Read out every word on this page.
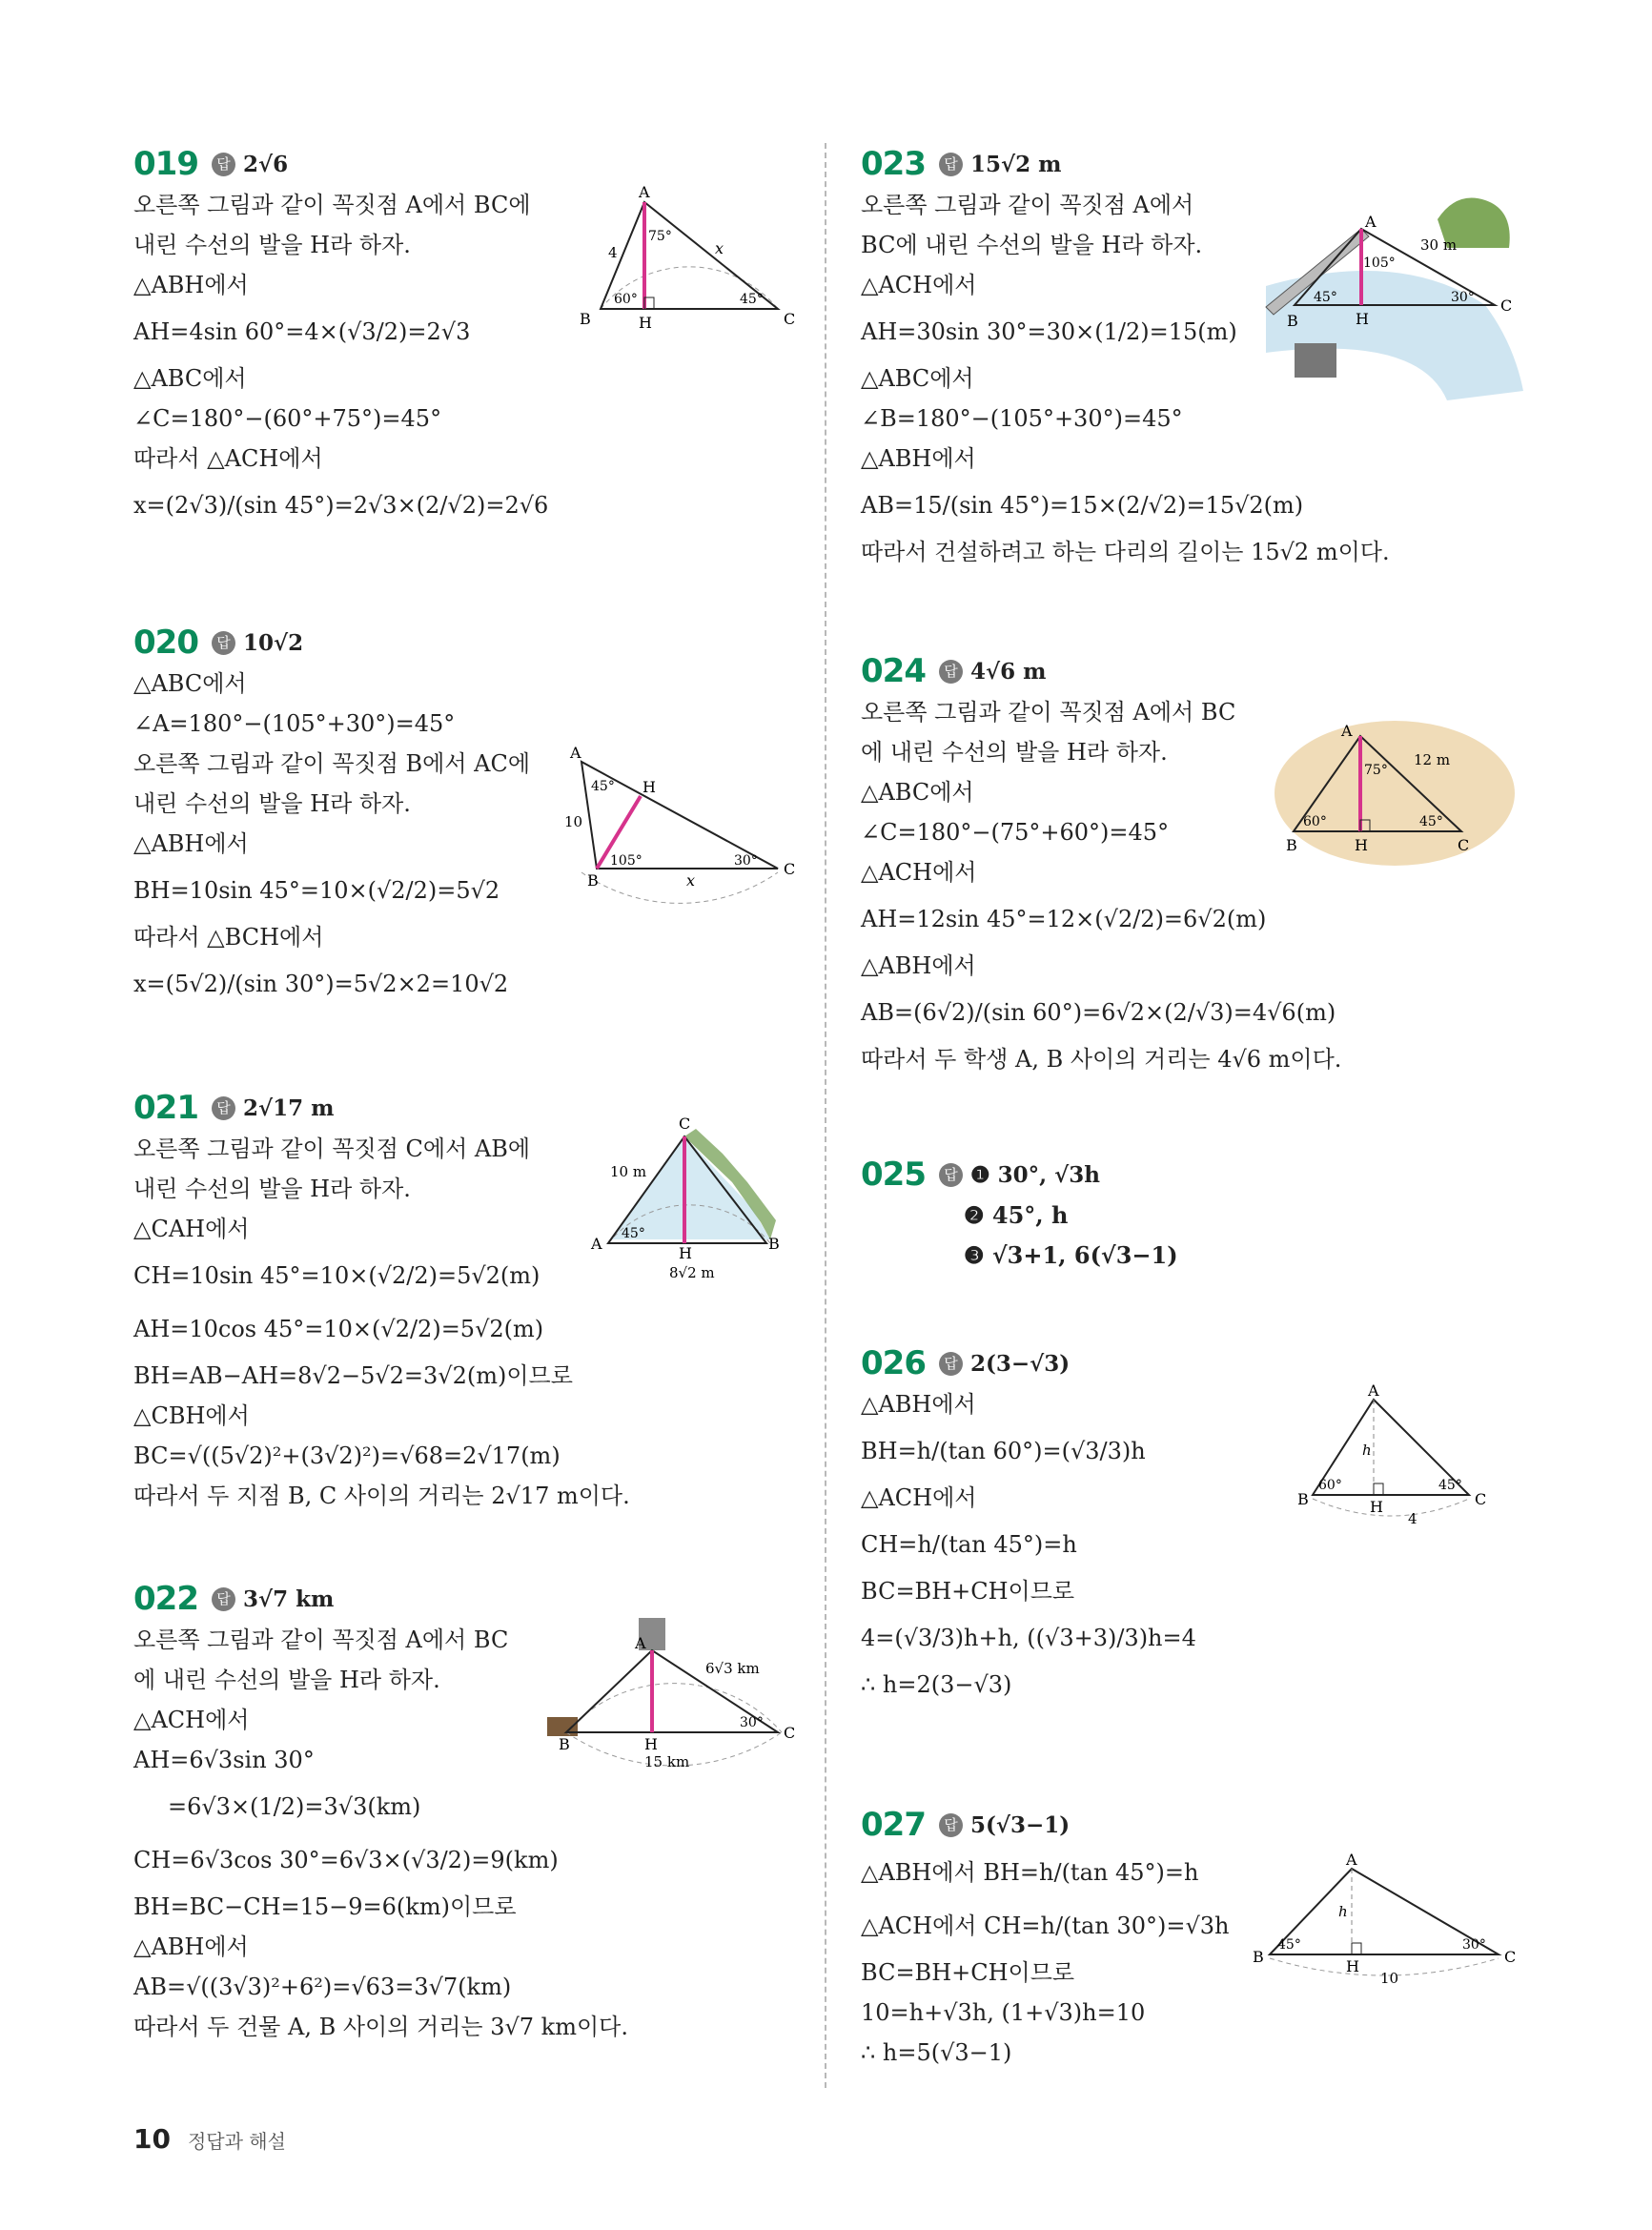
019	답 2√6
오른쪽 그림과 같이 꼭짓점 A에서 BC에
내린 수선의 발을 H라 하자.
△ABH에서
AH=4sin 60°=4×(√3/2)=2√3
△ABC에서
∠C=180°−(60°+75°)=45°
따라서 △ACH에서
x=(2√3)/(sin 45°)=2√3×(2/√2)=2√6
A
B	C
H
4	x
75°
60°	45°
020	답 10√2
△ABC에서
∠A=180°−(105°+30°)=45°
오른쪽 그림과 같이 꼭짓점 B에서 AC에
내린 수선의 발을 H라 하자.
△ABH에서
BH=10sin 45°=10×(√2/2)=5√2
따라서 △BCH에서
x=(5√2)/(sin 30°)=5√2×2=10√2
A
B
C
H
10
x
45°
105°	30°
021	답 2√17 m
오른쪽 그림과 같이 꼭짓점 C에서 AB에
내린 수선의 발을 H라 하자.
△CAH에서
CH=10sin 45°=10×(√2/2)=5√2(m)
AH=10cos 45°=10×(√2/2)=5√2(m)
BH=AB−AH=8√2−5√2=3√2(m)이므로
△CBH에서
BC=√((5√2)²+(3√2)²)=√68=2√17(m)
따라서 두 지점 B, C 사이의 거리는 2√17 m이다.
C
A	B
H
10 m
8√2 m
45°
022	답 3√7 km
오른쪽 그림과 같이 꼭짓점 A에서 BC
에 내린 수선의 발을 H라 하자.
△ACH에서
AH=6√3sin 30°
=6√3×(1/2)=3√3(km)
CH=6√3cos 30°=6√3×(√3/2)=9(km)
BH=BC−CH=15−9=6(km)이므로
△ABH에서
AB=√((3√3)²+6²)=√63=3√7(km)
따라서 두 건물 A, B 사이의 거리는 3√7 km이다.
A
B
C
H
6√3 km
15 km
30°
023	답 15√2 m
오른쪽 그림과 같이 꼭짓점 A에서
BC에 내린 수선의 발을 H라 하자.
△ACH에서
AH=30sin 30°=30×(1/2)=15(m)
△ABC에서
∠B=180°−(105°+30°)=45°
△ABH에서
AB=15/(sin 45°)=15×(2/√2)=15√2(m)
따라서 건설하려고 하는 다리의 길이는 15√2 m이다.
A
B
C
H
30 m
105°
45°	30°
024	답 4√6 m
오른쪽 그림과 같이 꼭짓점 A에서 BC
에 내린 수선의 발을 H라 하자.
△ABC에서
∠C=180°−(75°+60°)=45°
△ACH에서
AH=12sin 45°=12×(√2/2)=6√2(m)
△ABH에서
AB=(6√2)/(sin 60°)=6√2×(2/√3)=4√6(m)
따라서 두 학생 A, B 사이의 거리는 4√6 m이다.
A
B	C
H
12 m
75°
60°	45°
025	답 ❶ 30°, √3h
❷ 45°, h
❸ √3+1, 6(√3−1)
026	답 2(3−√3)
△ABH에서
BH=h/(tan 60°)=(√3/3)h
△ACH에서
CH=h/(tan 45°)=h
BC=BH+CH이므로
4=(√3/3)h+h, ((√3+3)/3)h=4
∴ h=2(3−√3)
A
B	C
H
h
4
60°	45°
027	답 5(√3−1)
△ABH에서 BH=h/(tan 45°)=h
△ACH에서 CH=h/(tan 30°)=√3h
BC=BH+CH이므로
10=h+√3h, (1+√3)h=10
∴ h=5(√3−1)
A
B	C
H
h
10
45°	30°
10 정답과 해설
